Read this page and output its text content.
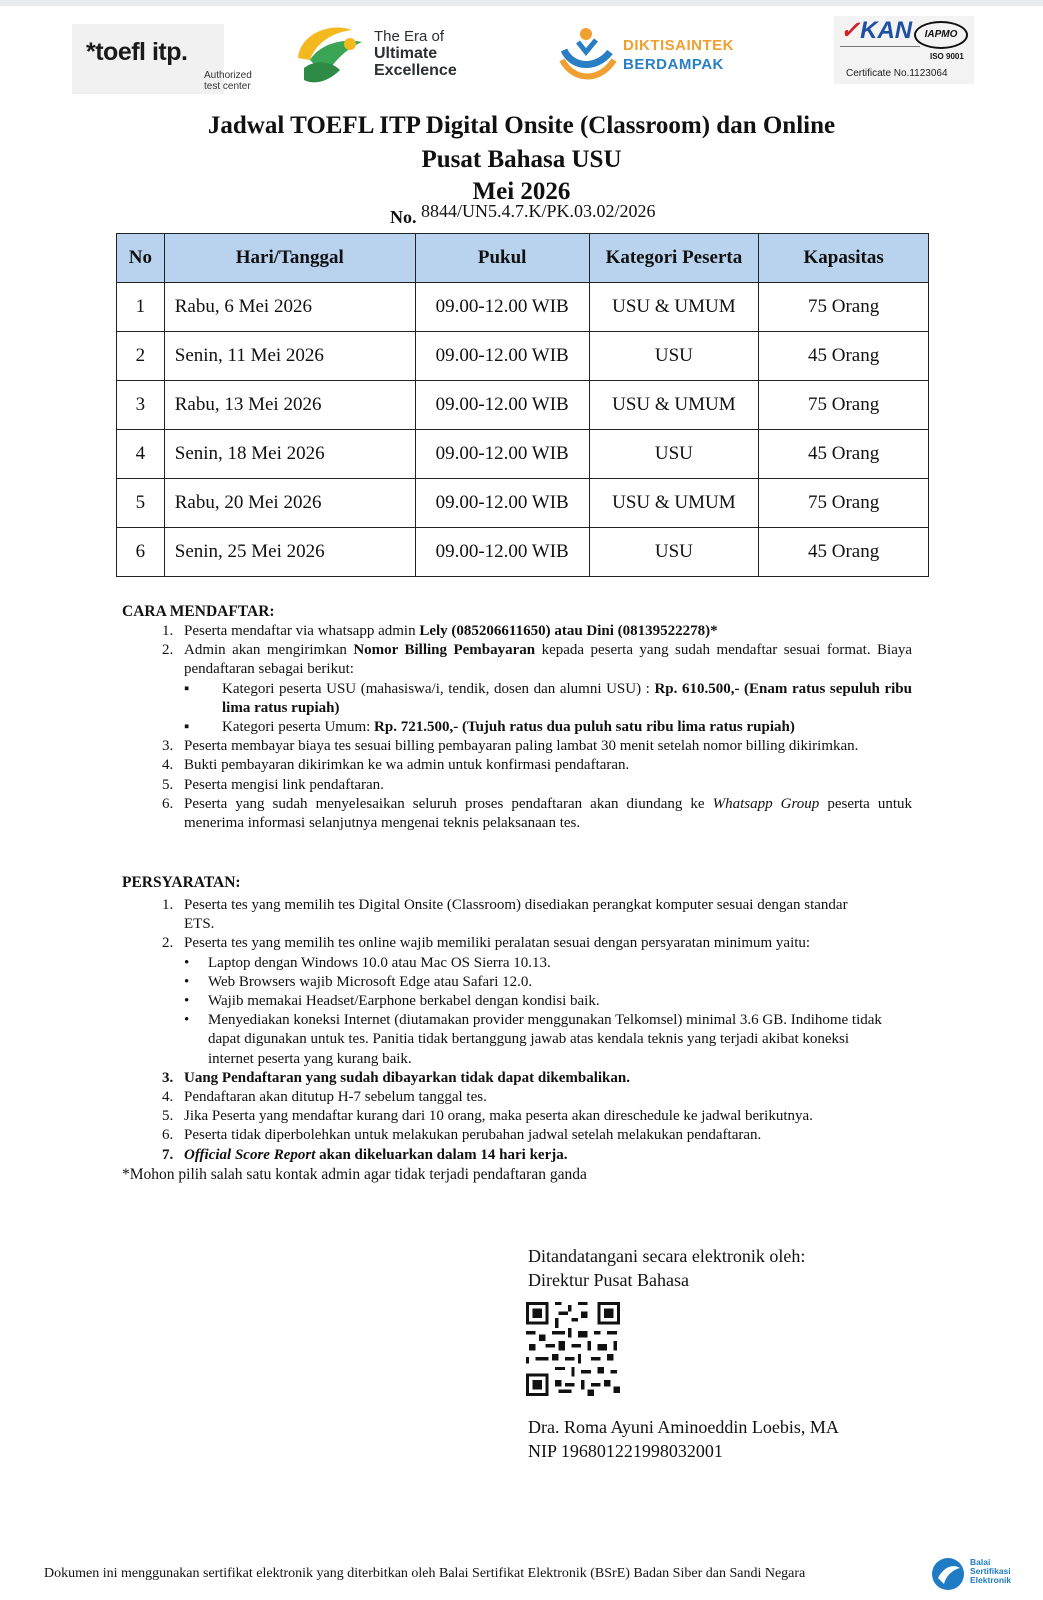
*toefl itp.
Authorized test center
The Era of
Ultimate
Excellence
DIKTISAINTEK
BERDAMPAK
✓KAN	IAPMO
ISO 9001
Certificate No.1123064
Jadwal TOEFL ITP Digital Onsite (Classroom) dan Online
Pusat Bahasa USU
Mei 2026
No. 8844/UN5.4.7.K/PK.03.02/2026
No	Hari/Tanggal	Pukul	Kategori Peserta	Kapasitas
1	Rabu, 6 Mei 2026	09.00-12.00 WIB	USU & UMUM	75 Orang
2	Senin, 11 Mei 2026	09.00-12.00 WIB	USU	45 Orang
3	Rabu, 13 Mei 2026	09.00-12.00 WIB	USU & UMUM	75 Orang
4	Senin, 18 Mei 2026	09.00-12.00 WIB	USU	45 Orang
5	Rabu, 20 Mei 2026	09.00-12.00 WIB	USU & UMUM	75 Orang
6	Senin, 25 Mei 2026	09.00-12.00 WIB	USU	45 Orang
CARA MENDAFTAR:
1. Peserta mendaftar via whatsapp admin Lely (085206611650) atau Dini (08139522278)*
2. Admin akan mengirimkan Nomor Billing Pembayaran kepada peserta yang sudah mendaftar sesuai format. Biaya pendaftaran sebagai berikut:
▪ Kategori peserta USU (mahasiswa/i, tendik, dosen dan alumni USU) : Rp. 610.500,- (Enam ratus sepuluh ribu lima ratus rupiah)
▪ Kategori peserta Umum: Rp. 721.500,- (Tujuh ratus dua puluh satu ribu lima ratus rupiah)
3. Peserta membayar biaya tes sesuai billing pembayaran paling lambat 30 menit setelah nomor billing dikirimkan.
4. Bukti pembayaran dikirimkan ke wa admin untuk konfirmasi pendaftaran.
5. Peserta mengisi link pendaftaran.
6. Peserta yang sudah menyelesaikan seluruh proses pendaftaran akan diundang ke Whatsapp Group peserta untuk menerima informasi selanjutnya mengenai teknis pelaksanaan tes.
PERSYARATAN:
1. Peserta tes yang memilih tes Digital Onsite (Classroom) disediakan perangkat komputer sesuai dengan standar ETS.
2. Peserta tes yang memilih tes online wajib memiliki peralatan sesuai dengan persyaratan minimum yaitu:
• Laptop dengan Windows 10.0 atau Mac OS Sierra 10.13.
• Web Browsers wajib Microsoft Edge atau Safari 12.0.
• Wajib memakai Headset/Earphone berkabel dengan kondisi baik.
• Menyediakan koneksi Internet (diutamakan provider menggunakan Telkomsel) minimal 3.6 GB. Indihome tidak dapat digunakan untuk tes. Panitia tidak bertanggung jawab atas kendala teknis yang terjadi akibat koneksi internet peserta yang kurang baik.
3. Uang Pendaftaran yang sudah dibayarkan tidak dapat dikembalikan.
4. Pendaftaran akan ditutup H-7 sebelum tanggal tes.
5. Jika Peserta yang mendaftar kurang dari 10 orang, maka peserta akan direschedule ke jadwal berikutnya.
6. Peserta tidak diperbolehkan untuk melakukan perubahan jadwal setelah melakukan pendaftaran.
7. Official Score Report akan dikeluarkan dalam 14 hari kerja.
*Mohon pilih salah satu kontak admin agar tidak terjadi pendaftaran ganda
Ditandatangani secara elektronik oleh:
Direktur Pusat Bahasa
Dra. Roma Ayuni Aminoeddin Loebis, MA
NIP 196801221998032001
Dokumen ini menggunakan sertifikat elektronik yang diterbitkan oleh Balai Sertifikat Elektronik (BSrE) Badan Siber dan Sandi Negara
Balai
Sertifikasi
Elektronik
